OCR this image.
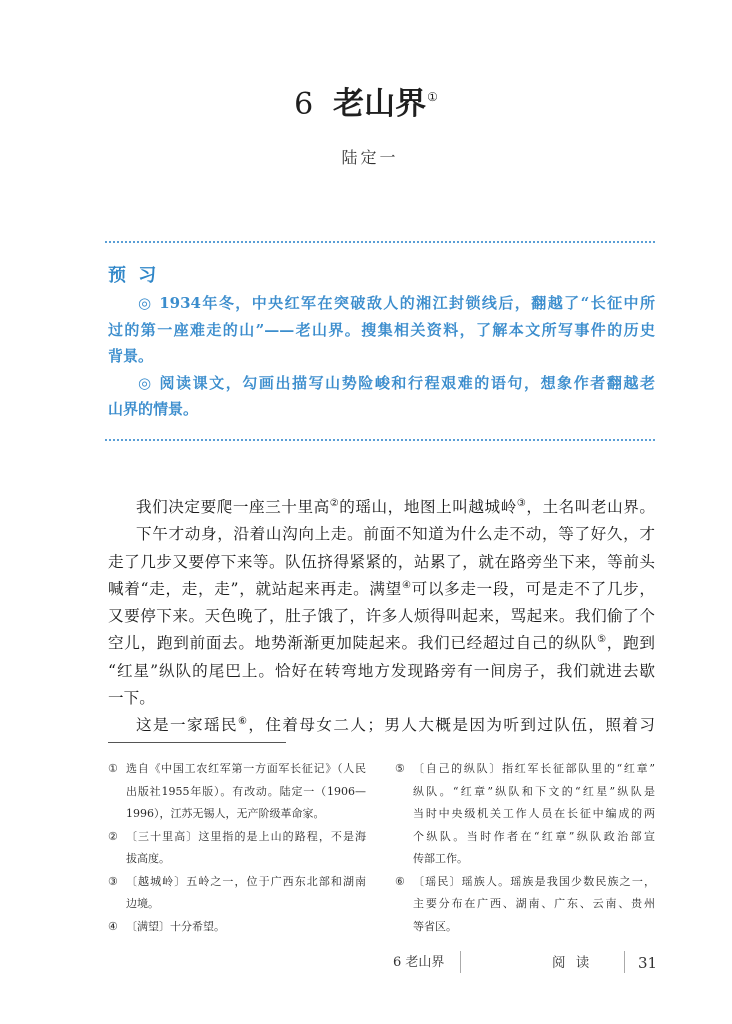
6 老山界①
陆定一
预 习
◎ 1934年冬，中央红军在突破敌人的湘江封锁线后，翻越了“长征中所
过的第一座难走的山”——老山界。搜集相关资料，了解本文所写事件的历史
背景。
◎ 阅读课文，勾画出描写山势险峻和行程艰难的语句，想象作者翻越老
山界的情景。
我们决定要爬一座三十里高②的瑶山，地图上叫越城岭③，土名叫老山界。
下午才动身，沿着山沟向上走。前面不知道为什么走不动，等了好久，才
走了几步又要停下来等。队伍挤得紧紧的，站累了，就在路旁坐下来，等前头
喊着“走，走，走”，就站起来再走。满望④可以多走一段，可是走不了几步，
又要停下来。天色晚了，肚子饿了，许多人烦得叫起来，骂起来。我们偷了个
空儿，跑到前面去。地势渐渐更加陡起来。我们已经超过自己的纵队⑤，跑到
“红星”纵队的尾巴上。恰好在转弯地方发现路旁有一间房子，我们就进去歇
一下。
这是一家瑶民⑥，住着母女二人；男人大概是因为听到过队伍，照着习
① 选自《中国工农红军第一方面军长征记》（人民
出版社1955年版）。有改动。陆定一（1906—
1996），江苏无锡人，无产阶级革命家。
② 〔三十里高〕这里指的是上山的路程，不是海
拔高度。
③ 〔越城岭〕五岭之一，位于广西东北部和湖南
边境。
④ 〔满望〕十分希望。
⑤ 〔自己的纵队〕指红军长征部队里的“红章”
纵队。“红章”纵队和下文的“红星”纵队是
当时中央级机关工作人员在长征中编成的两
个纵队。当时作者在“红章”纵队政治部宣
传部工作。
⑥ 〔瑶民〕瑶族人。瑶族是我国少数民族之一，
主要分布在广西、湖南、广东、云南、贵州
等省区。
6 老山界	阅 读	31
